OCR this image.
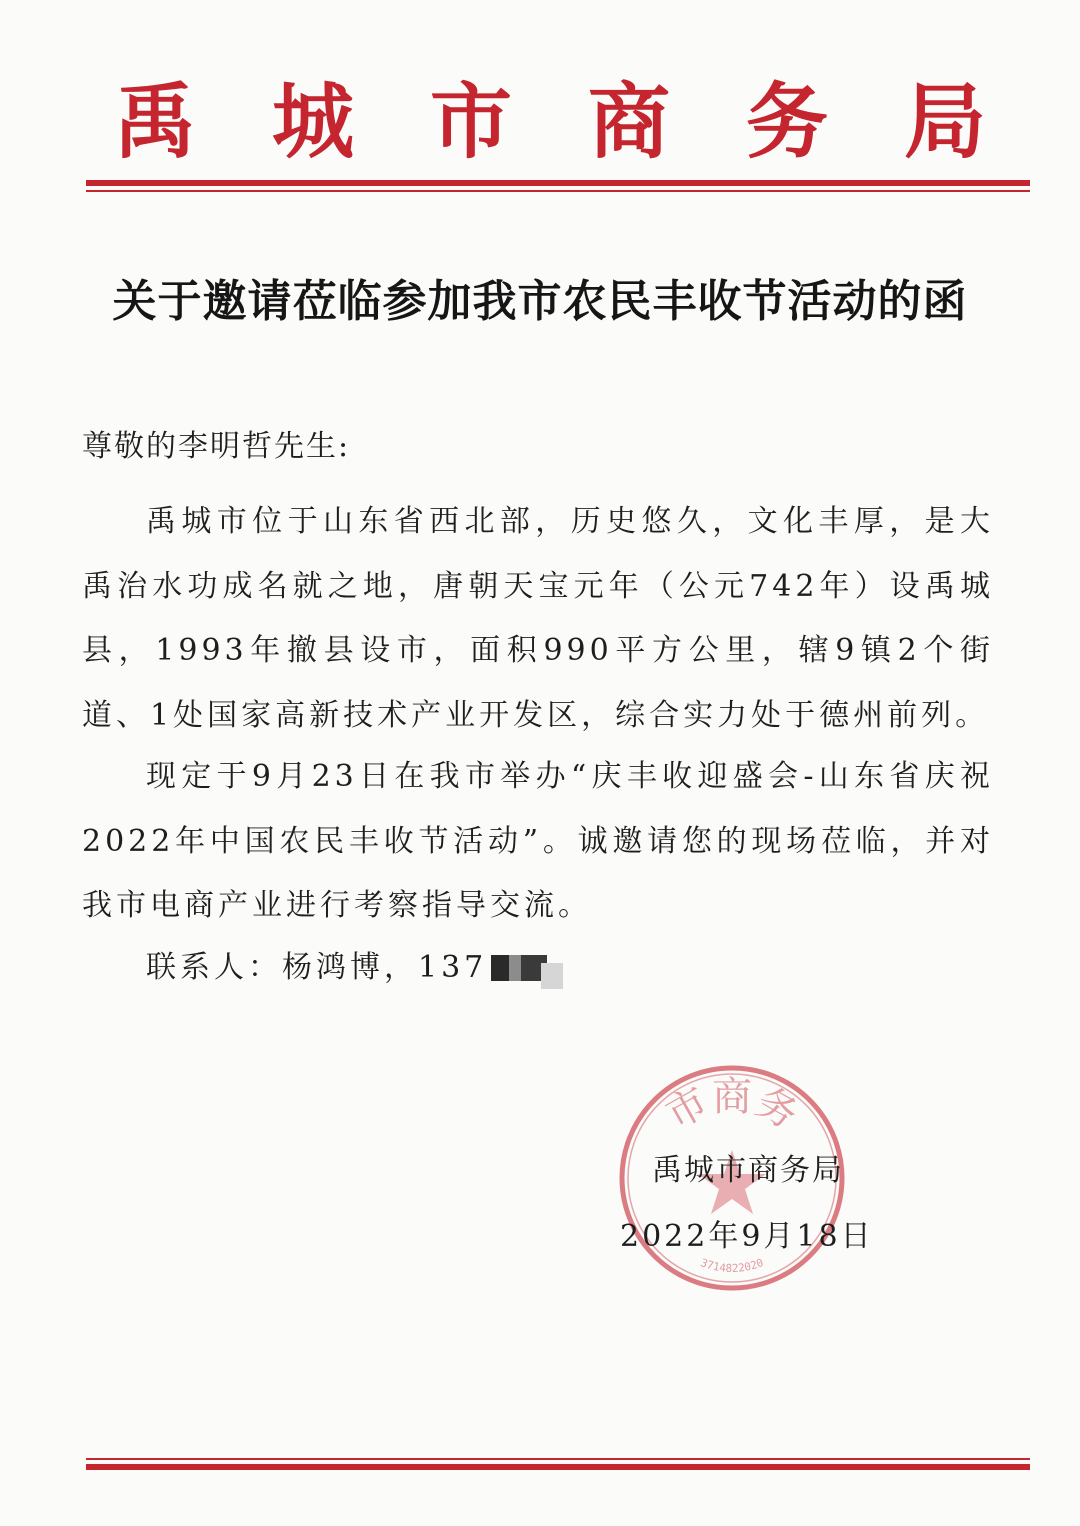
禹 城 市 商 务 局
关于邀请莅临参加我市农民丰收节活动的函

尊敬的李明哲先生:

禹城市位于山东省西北部，历史悠久，文化丰厚，是大禹治水功成名就之地，唐朝天宝元年（公元742年）设禹城县，1993年撤县设市，面积990平方公里，辖9镇2个街道、1处国家高新技术产业开发区，综合实力处于德州前列。

现定于9月23日在我市举办“庆丰收迎盛会-山东省庆祝2022年中国农民丰收节活动”。诚邀请您的现场莅临，并对我市电商产业进行考察指导交流。

联系人：杨鸿博，137
市商务
3714822020

禹城市商务局

2022年9月18日
